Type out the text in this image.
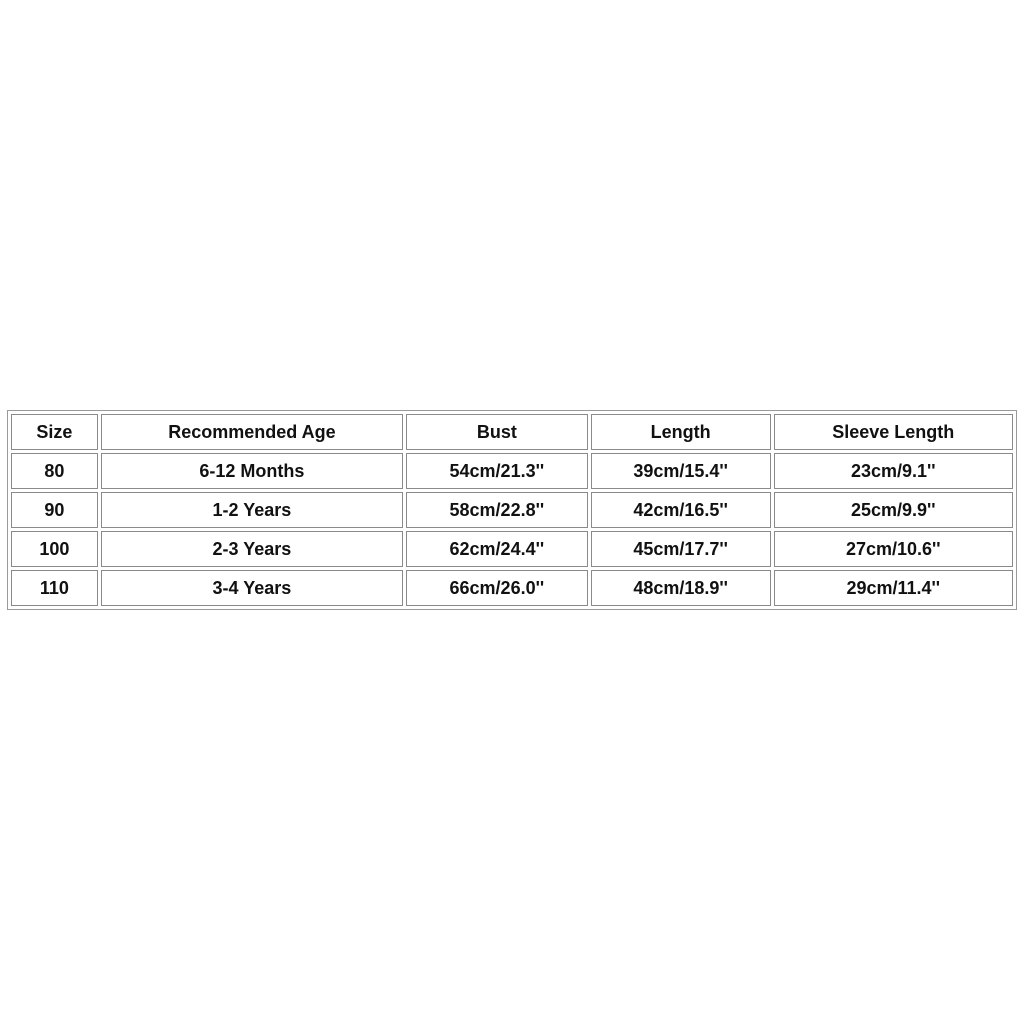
Size	Recommended Age	Bust	Length	Sleeve Length
80	6-12 Months	54cm/21.3''	39cm/15.4''	23cm/9.1''
90	1-2 Years	58cm/22.8''	42cm/16.5''	25cm/9.9''
100	2-3 Years	62cm/24.4''	45cm/17.7''	27cm/10.6''
110	3-4 Years	66cm/26.0''	48cm/18.9''	29cm/11.4''
